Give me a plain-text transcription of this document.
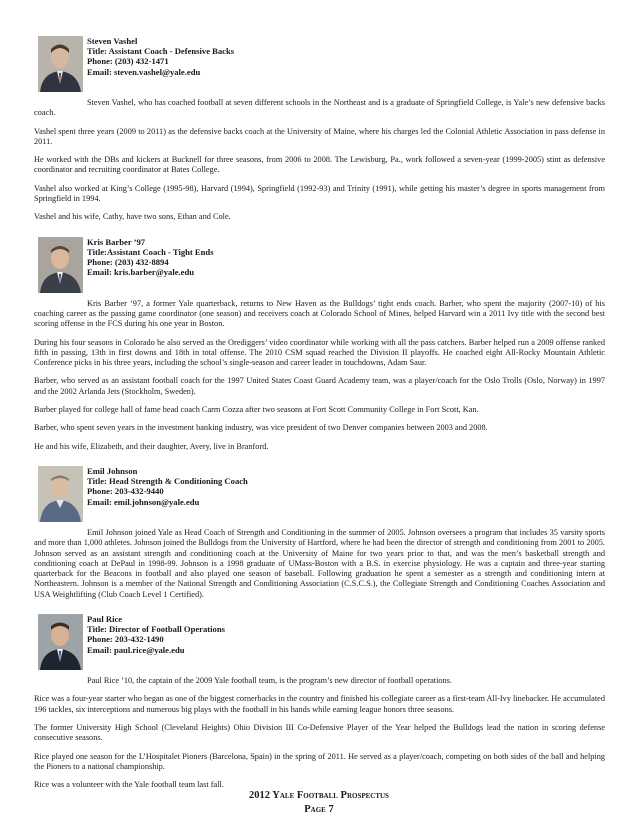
Steven Vashel
Title: Assistant Coach - Defensive Backs
Phone: (203) 432-1471
Email: steven.vashel@yale.edu

Steven Vashel, who has coached football at seven different schools in the Northeast and is a graduate of Springfield College, is Yale’s new defensive backs coach.

Vashel spent three years (2009 to 2011) as the defensive backs coach at the University of Maine, where his charges led the Colonial Athletic Association in pass defense in 2011.

He worked with the DBs and kickers at Bucknell for three seasons, from 2006 to 2008. The Lewisburg, Pa., work followed a seven-year (1999-2005) stint as defensive coordinator and recruiting coordinator at Bates College.

Vashel also worked at King’s College (1995-98), Harvard (1994), Springfield (1992-93) and Trinity (1991), while getting his master’s degree in sports management from Springfield in 1994.

Vashel and his wife, Cathy, have two sons, Ethan and Cole.

Kris Barber ’97
Title:Assistant Coach - Tight Ends
Phone: (203) 432-8894
Email: kris.barber@yale.edu

Kris Barber ’97, a former Yale quarterback, returns to New Haven as the Bulldogs’ tight ends coach. Barber, who spent the majority (2007-10) of his coaching career as the passing game coordinator (one season) and receivers coach at Colorado School of Mines, helped Harvard win a 2011 Ivy title with the second best scoring offense in the FCS during his one year in Boston.

During his four seasons in Colorado he also served as the Orediggers’ video coordinator while working with all the pass catchers. Barber helped run a 2009 offense ranked fifth in passing, 13th in first downs and 18th in total offense. The 2010 CSM squad reached the Division II playoffs. He coached eight All-Rocky Mountain Athletic Conference picks in his three years, including the school’s single-season and career leader in touchdowns, Adam Saur.

Barber, who served as an assistant football coach for the 1997 United States Coast Guard Academy team, was a player/coach for the Oslo Trolls (Oslo, Norway) in 1997 and the 2002 Arlanda Jets (Stockholm, Sweden).

Barber played for college hall of fame head coach Carm Cozza after two seasons at Fort Scott Community College in Fort Scott, Kan.

Barber, who spent seven years in the investment banking industry, was vice president of two Denver companies between 2003 and 2008.

He and his wife, Elizabeth, and their daughter, Avery, live in Branford.

Emil Johnson
Title: Head Strength & Conditioning Coach
Phone: 203-432-9440
Email: emil.johnson@yale.edu

Emil Johnson joined Yale as Head Coach of Strength and Conditioning in the summer of 2005. Johnson oversees a program that includes 35 varsity sports and more than 1,000 athletes. Johnson joined the Bulldogs from the University of Hartford, where he had been the director of strength and conditioning from 2001 to 2005. Johnson served as an assistant strength and conditioning coach at the University of Maine for two years prior to that, and was the men’s basketball strength and conditioning coach at DePaul in 1998-99. Johnson is a 1998 graduate of UMass-Boston with a B.S. in exercise physiology. He was a captain and three-year starting quarterback for the Beacons in football and also played one season of baseball. Following graduation he spent a semester as a strength and conditioning intern at Northeastern. Johnson is a member of the National Strength and Conditioning Association (C.S.C.S.), the Collegiate Strength and Conditioning Coaches Association and USA Weightlifting (Club Coach Level 1 Certified).

Paul Rice
Title: Director of Football Operations
Phone: 203-432-1490
Email: paul.rice@yale.edu

Paul Rice ’10, the captain of the 2009 Yale football team, is the program’s new director of football operations.

Rice was a four-year starter who began as one of the biggest cornerbacks in the country and finished his collegiate career as a first-team All-Ivy linebacker. He accumulated 196 tackles, six interceptions and numerous big plays with the football in his hands while earning league honors three seasons.

The former University High School (Cleveland Heights) Ohio Division III Co-Defensive Player of the Year helped the Bulldogs lead the nation in scoring defense consecutive seasons.

Rice played one season for the L’Hospitalet Pioners (Barcelona, Spain) in the spring of 2011. He served as a player/coach, competing on both sides of the ball and helping the Pioners to a national championship.

Rice was a volunteer with the Yale football team last fall.

2012 Yale Football Prospectus
Page 7
